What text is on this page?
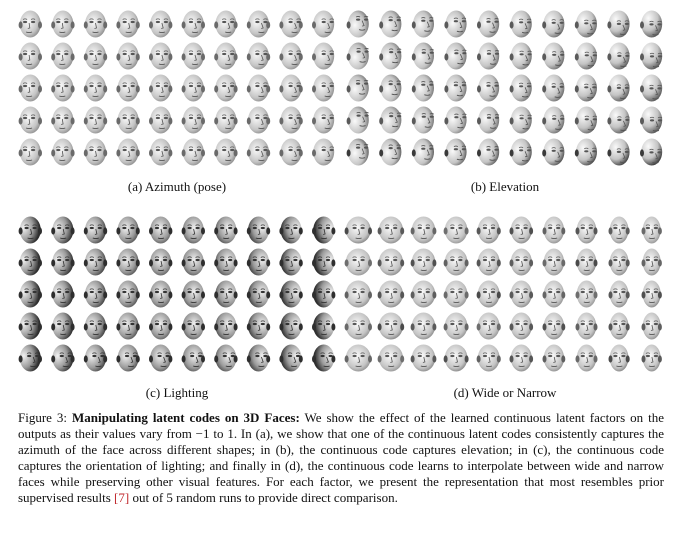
(a) Azimuth (pose)	(b) Elevation
(c) Lighting	(d) Wide or Narrow
Figure 3: Manipulating latent codes on 3D Faces: We show the effect of the learned continuous latent factors on the outputs as their values vary from −1 to 1. In (a), we show that one of the continuous latent codes consistently captures the azimuth of the face across different shapes; in (b), the continuous code captures elevation; in (c), the continuous code captures the orientation of lighting; and finally in (d), the continuous code learns to interpolate between wide and narrow faces while preserving other visual features. For each factor, we present the representation that most resembles prior supervised results [7] out of 5 random runs to provide direct comparison.
